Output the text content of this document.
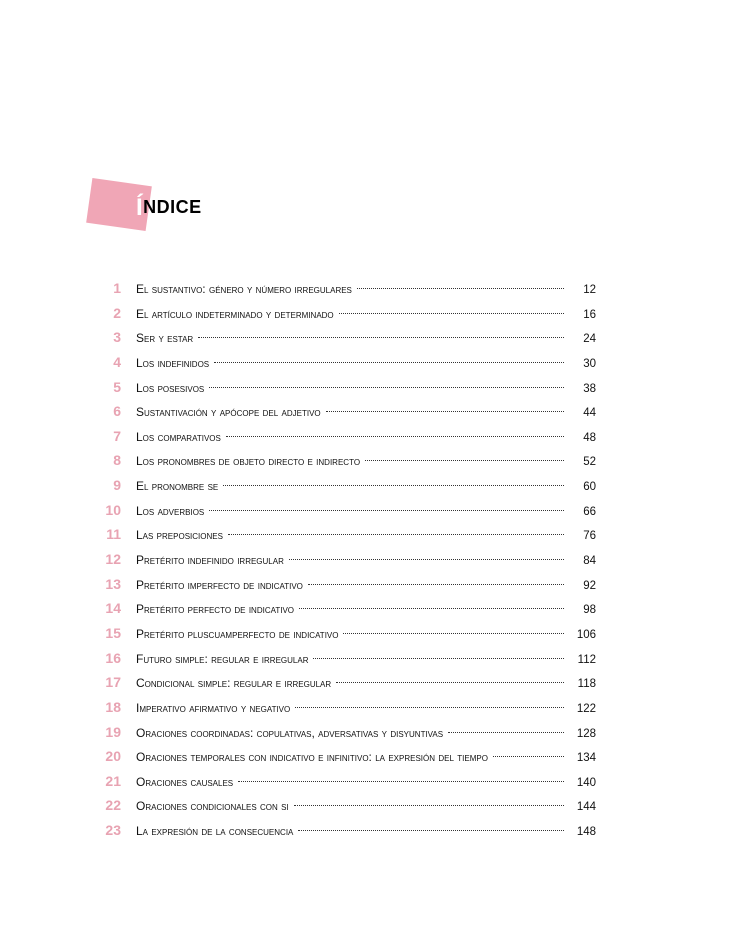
ÍNDICE
1	El sustantivo: género y número irregulares	12
2	El artículo indeterminado y determinado	16
3	Ser y estar	24
4	Los indefinidos	30
5	Los posesivos	38
6	Sustantivación y apócope del adjetivo	44
7	Los comparativos	48
8	Los pronombres de objeto directo e indirecto	52
9	El pronombre se	60
10	Los adverbios	66
11	Las preposiciones	76
12	Pretérito indefinido irregular	84
13	Pretérito imperfecto de indicativo	92
14	Pretérito perfecto de indicativo	98
15	Pretérito pluscuamperfecto de indicativo	106
16	Futuro simple: regular e irregular	112
17	Condicional simple: regular e irregular	118
18	Imperativo afirmativo y negativo	122
19	Oraciones coordinadas: copulativas, adversativas y disyuntivas	128
20	Oraciones temporales con indicativo e infinitivo: la expresión del tiempo	134
21	Oraciones causales	140
22	Oraciones condicionales con si	144
23	La expresión de la consecuencia	148
